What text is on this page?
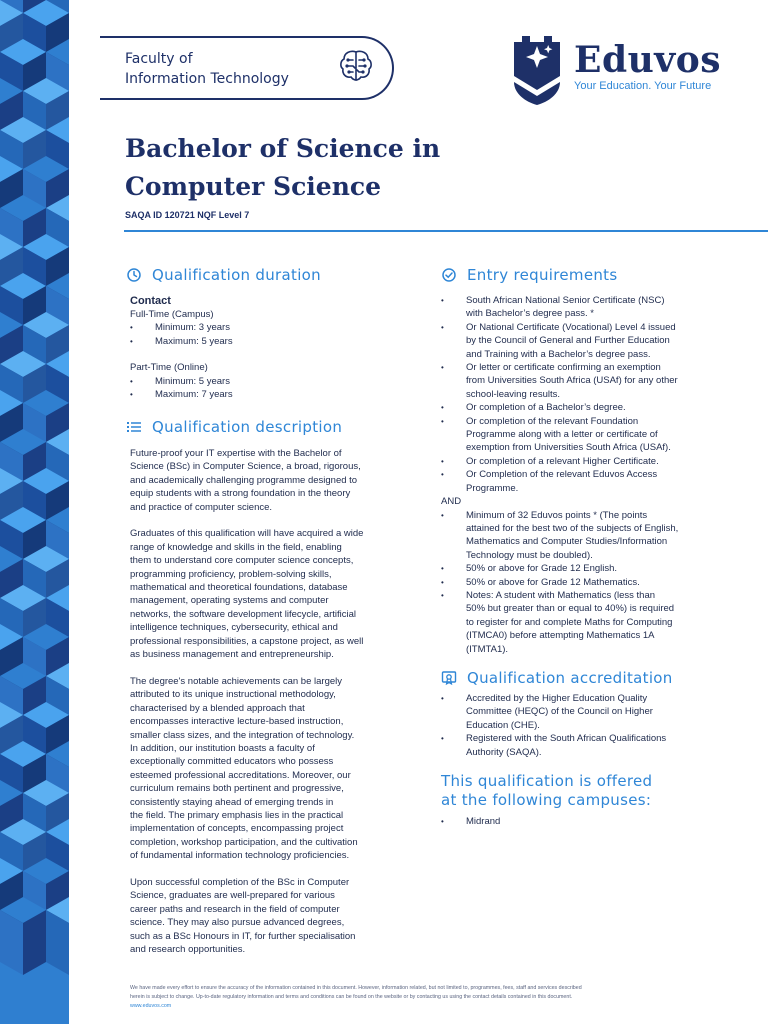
Faculty of
Information Technology	Eduvos
Your Education. Your Future
Bachelor of Science in
Computer Science
SAQA ID 120721 NQF Level 7
Qualification duration
Contact
Full-Time (Campus)
• Minimum: 3 years
• Maximum: 5 years
Part-Time (Online)
• Minimum: 5 years
• Maximum: 7 years
Qualification description
Future-proof your IT expertise with the Bachelor of
Science (BSc) in Computer Science, a broad, rigorous,
and academically challenging programme designed to
equip students with a strong foundation in the theory
and practice of computer science.
Graduates of this qualification will have acquired a wide
range of knowledge and skills in the field, enabling
them to understand core computer science concepts,
programming proficiency, problem-solving skills,
mathematical and theoretical foundations, database
management, operating systems and computer
networks, the software development lifecycle, artificial
intelligence techniques, cybersecurity, ethical and
professional responsibilities, a capstone project, as well
as business management and entrepreneurship.
The degree's notable achievements can be largely
attributed to its unique instructional methodology,
characterised by a blended approach that
encompasses interactive lecture-based instruction,
smaller class sizes, and the integration of technology.
In addition, our institution boasts a faculty of
exceptionally committed educators who possess
esteemed professional accreditations. Moreover, our
curriculum remains both pertinent and progressive,
consistently staying ahead of emerging trends in
the field. The primary emphasis lies in the practical
implementation of concepts, encompassing project
completion, workshop participation, and the cultivation
of fundamental information technology proficiencies.
Upon successful completion of the BSc in Computer
Science, graduates are well-prepared for various
career paths and research in the field of computer
science. They may also pursue advanced degrees,
such as a BSc Honours in IT, for further specialisation
and research opportunities.
Entry requirements
• South African National Senior Certificate (NSC)
with Bachelor’s degree pass. *
• Or National Certificate (Vocational) Level 4 issued
by the Council of General and Further Education
and Training with a Bachelor’s degree pass.
• Or letter or certificate confirming an exemption
from Universities South Africa (USAf) for any other
school-leaving results.
• Or completion of a Bachelor’s degree.
• Or completion of the relevant Foundation
Programme along with a letter or certificate of
exemption from Universities South Africa (USAf).
• Or completion of a relevant Higher Certificate.
• Or Completion of the relevant Eduvos Access
Programme.
AND
• Minimum of 32 Eduvos points * (The points
attained for the best two of the subjects of English,
Mathematics and Computer Studies/Information
Technology must be doubled).
• 50% or above for Grade 12 English.
• 50% or above for Grade 12 Mathematics.
• Notes: A student with Mathematics (less than
50% but greater than or equal to 40%) is required
to register for and complete Maths for Computing
(ITMCA0) before attempting Mathematics 1A
(ITMTA1).
Qualification accreditation
• Accredited by the Higher Education Quality
Committee (HEQC) of the Council on Higher
Education (CHE).
• Registered with the South African Qualifications
Authority (SAQA).
This qualification is offered
at the following campuses:
• Midrand
We have made every effort to ensure the accuracy of the information contained in this document. However, information related, but not limited to, programmes, fees, staff and services described
herein is subject to change. Up-to-date regulatory information and terms and conditions can be found on the website or by contacting us using the contact details contained in this document.
www.eduvos.com
